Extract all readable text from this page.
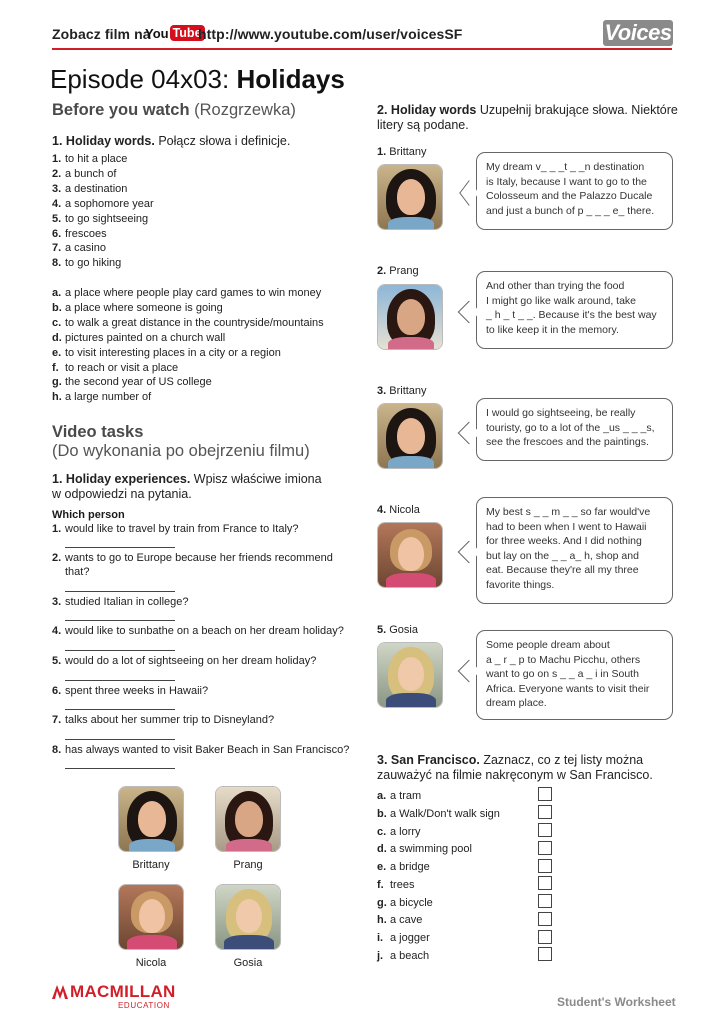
Zobacz film na
You Tube
http://www.youtube.com/user/voicesSF	Voices
Episode 04x03: Holidays
Before you watch (Rozgrzewka)
1. Holiday words. Połącz słowa i definicje.
1. to hit a place
2. a bunch of
3. a destination
4. a sophomore year
5. to go sightseeing
6. frescoes
7. a casino
8. to go hiking
a. a place where people play card games to win money
b. a place where someone is going
c. to walk a great distance in the countryside/mountains
d. pictures painted on a church wall
e. to visit interesting places in a city or a region
f. to reach or visit a place
g. the second year of US college
h. a large number of
Video tasks
(Do wykonania po obejrzeniu filmu)
1. Holiday experiences. Wpisz właściwe imiona
w odpowiedzi na pytania.
Which person
1. would like to travel by train from France to Italy?
2. wants to go to Europe because her friends recommend that?
3. studied Italian in college?
4. would like to sunbathe on a beach on her dream holiday?
5. would do a lot of sightseeing on her dream holiday?
6. spent three weeks in Hawaii?
7. talks about her summer trip to Disneyland?
8. has always wanted to visit Baker Beach in San Francisco?
Brittany	Prang
Nicola	Gosia
2. Holiday words Uzupełnij brakujące słowa. Niektóre
litery są podane.
1. Brittany
My dream v_ _ _t _ _n destination
is Italy, because I want to go to the
Colosseum and the Palazzo Ducale
and just a bunch of p _ _ _ e_ there.
2. Prang
And other than trying the food
I might go like walk around, take
_ h _ t _ _. Because it's the best way
to like keep it in the memory.
3. Brittany
I would go sightseeing, be really
touristy, go to a lot of the _us _ _ _s,
see the frescoes and the paintings.
4. Nicola	My best s _ _ m _ _ so far would've
had to been when I went to Hawaii
for three weeks. And I did nothing
but lay on the _ _ a_ h, shop and
eat. Because they're all my three
favorite things.
5. Gosia
Some people dream about
a _ r _ p to Machu Picchu, others
want to go on s _ _ a _ i in South
Africa. Everyone wants to visit their
dream place.
3. San Francisco. Zaznacz, co z tej listy można
zauważyć na filmie nakręconym w San Francisco.
a. a tram
b. a Walk/Don't walk sign
c. a lorry
d. a swimming pool
e. a bridge
f. trees
g. a bicycle
h. a cave
i. a jogger
j. a beach
MACMILLAN
EDUCATION	Student's Worksheet
